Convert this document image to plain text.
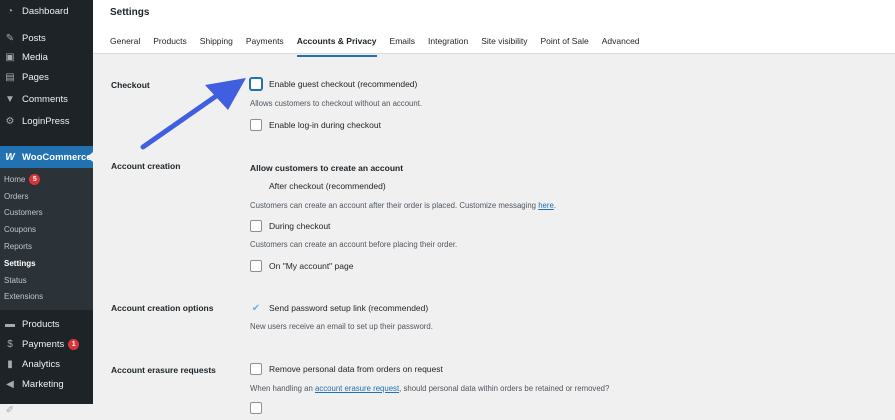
◔ Dashboard
✎ Posts
▣ Media
▤ Pages
▼ Comments
⚙ LoginPress
W WooCommerce
Home	5
Orders
Customers
Coupons
Reports
Settings
Status
Extensions
▬ Products
$ Payments	1
▮ Analytics
◀ Marketing
✐ Appearance
Settings
General Products Shipping Payments Accounts & Privacy Emails Integration Site visibility Point of Sale Advanced
Checkout	Enable guest checkout (recommended)
Allows customers to checkout without an account.
Enable log-in during checkout
Account creation	Allow customers to create an account
After checkout (recommended)
Customers can create an account after their order is placed. Customize messaging here.
During checkout
Customers can create an account before placing their order.
On "My account" page
Account creation options	✔ Send password setup link (recommended)
New users receive an email to set up their password.
Account erasure requests	Remove personal data from orders on request
When handling an account erasure request, should personal data within orders be retained or removed?
